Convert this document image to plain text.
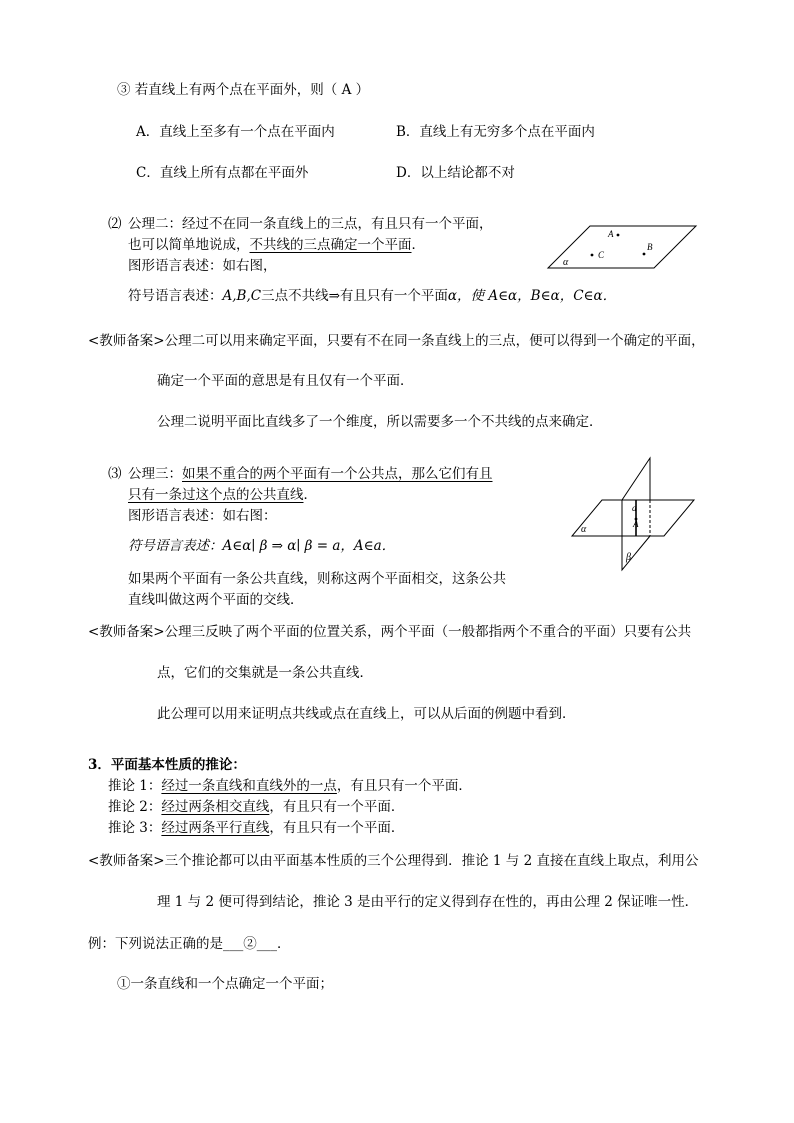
③ 若直线上有两个点在平面外，则（ A ）
A．直线上至多有一个点在平面内	B．直线上有无穷多个点在平面内
C．直线上所有点都在平面外	D．以上结论都不对
⑵ 公理二：经过不在同一条直线上的三点，有且只有一个平面，
也可以简单地说成，不共线的三点确定一个平面．
图形语言表述：如右图，
符号语言表述：A,B,C三点不共线⇒有且只有一个平面α，使 A∈α，B∈α，C∈α．
A
C
B
α
<教师备案>公理二可以用来确定平面，只要有不在同一条直线上的三点，便可以得到一个确定的平面，
确定一个平面的意思是有且仅有一个平面．
公理二说明平面比直线多了一个维度，所以需要多一个不共线的点来确定．
⑶ 公理三：如果不重合的两个平面有一个公共点，那么它们有且
只有一条过这个点的公共直线．
图形语言表述：如右图：
符号语言表述：A∈α∣ β ⇒ α∣ β = a，A∈a．
如果两个平面有一条公共直线，则称这两个平面相交，这条公共
直线叫做这两个平面的交线．
α
β
a
A
<教师备案>公理三反映了两个平面的位置关系，两个平面（一般都指两个不重合的平面）只要有公共
点，它们的交集就是一条公共直线．
此公理可以用来证明点共线或点在直线上，可以从后面的例题中看到．
3．平面基本性质的推论：
推论 1：经过一条直线和直线外的一点，有且只有一个平面．
推论 2：经过两条相交直线，有且只有一个平面．
推论 3：经过两条平行直线，有且只有一个平面．
<教师备案>三个推论都可以由平面基本性质的三个公理得到．推论 1 与 2 直接在直线上取点，利用公
理 1 与 2 便可得到结论，推论 3 是由平行的定义得到存在性的，再由公理 2 保证唯一性．
例：下列说法正确的是___②___．
①一条直线和一个点确定一个平面；
